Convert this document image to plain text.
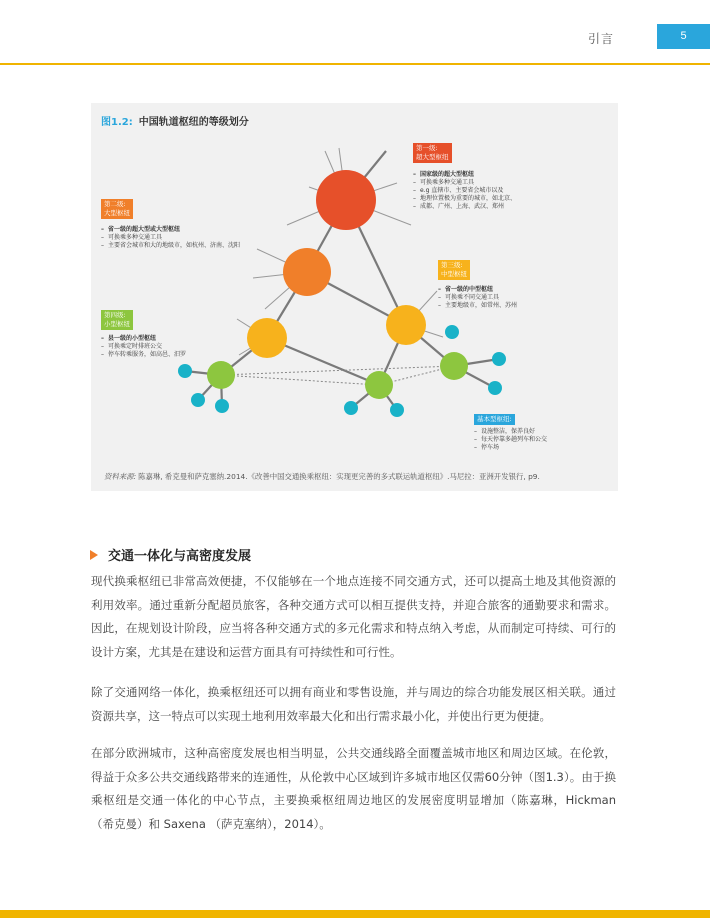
引言	5
图1.2: 中国轨道枢纽的等级划分
第一级:
超大型枢纽
– 国家级的超大型枢纽
– 可换乘多种交通工具
– e.g 直辖市、主要省会城市以及
– 地理位置极为重要的城市，如北京、
– 成都、广州、上海、武汉、郑州
第二级:
大型枢纽
– 省一级的超大型或大型枢纽
– 可换乘多种交通工具
– 主要省会城市和大的地级市，如杭州、济南、沈阳
第三级:
中型枢纽
– 省一级的中型枢纽
– 可换乘不同交通工具
– 主要地级市，如常州、苏州
第四级:
小型枢纽
– 县一级的小型枢纽
– 可换乘定时排班公交
– 停车转乘服务，如高邑、汨罗
基本型枢纽:
– 设施整洁，保养良好
– 每天停靠多趟列车和公交
– 停车场
资料来源: 陈嘉琳, 希克曼和萨克塞纳.2014.《改善中国交通换乘枢纽：实现更完善的多式联运轨道枢纽》.马尼拉：亚洲开发银行, p9.
交通一体化与高密度发展

现代换乘枢纽已非常高效便捷，不仅能够在一个地点连接不同交通方式，还可以提高土地及其他资源的利用效率。通过重新分配超员旅客，各种交通方式可以相互提供支持，并迎合旅客的通勤要求和需求。因此，在规划设计阶段，应当将各种交通方式的多元化需求和特点纳入考虑，从而制定可持续、可行的设计方案，尤其是在建设和运营方面具有可持续性和可行性。

除了交通网络一体化，换乘枢纽还可以拥有商业和零售设施，并与周边的综合功能发展区相关联。通过资源共享，这一特点可以实现土地利用效率最大化和出行需求最小化，并使出行更为便捷。

在部分欧洲城市，这种高密度发展也相当明显，公共交通线路全面覆盖城市地区和周边区域。在伦敦，得益于众多公共交通线路带来的连通性，从伦敦中心区域到许多城市地区仅需60分钟（图1.3）。由于换乘枢纽是交通一体化的中心节点，主要换乘枢纽周边地区的发展密度明显增加（陈嘉琳，Hickman （希克曼）和 Saxena （萨克塞纳），2014）。
